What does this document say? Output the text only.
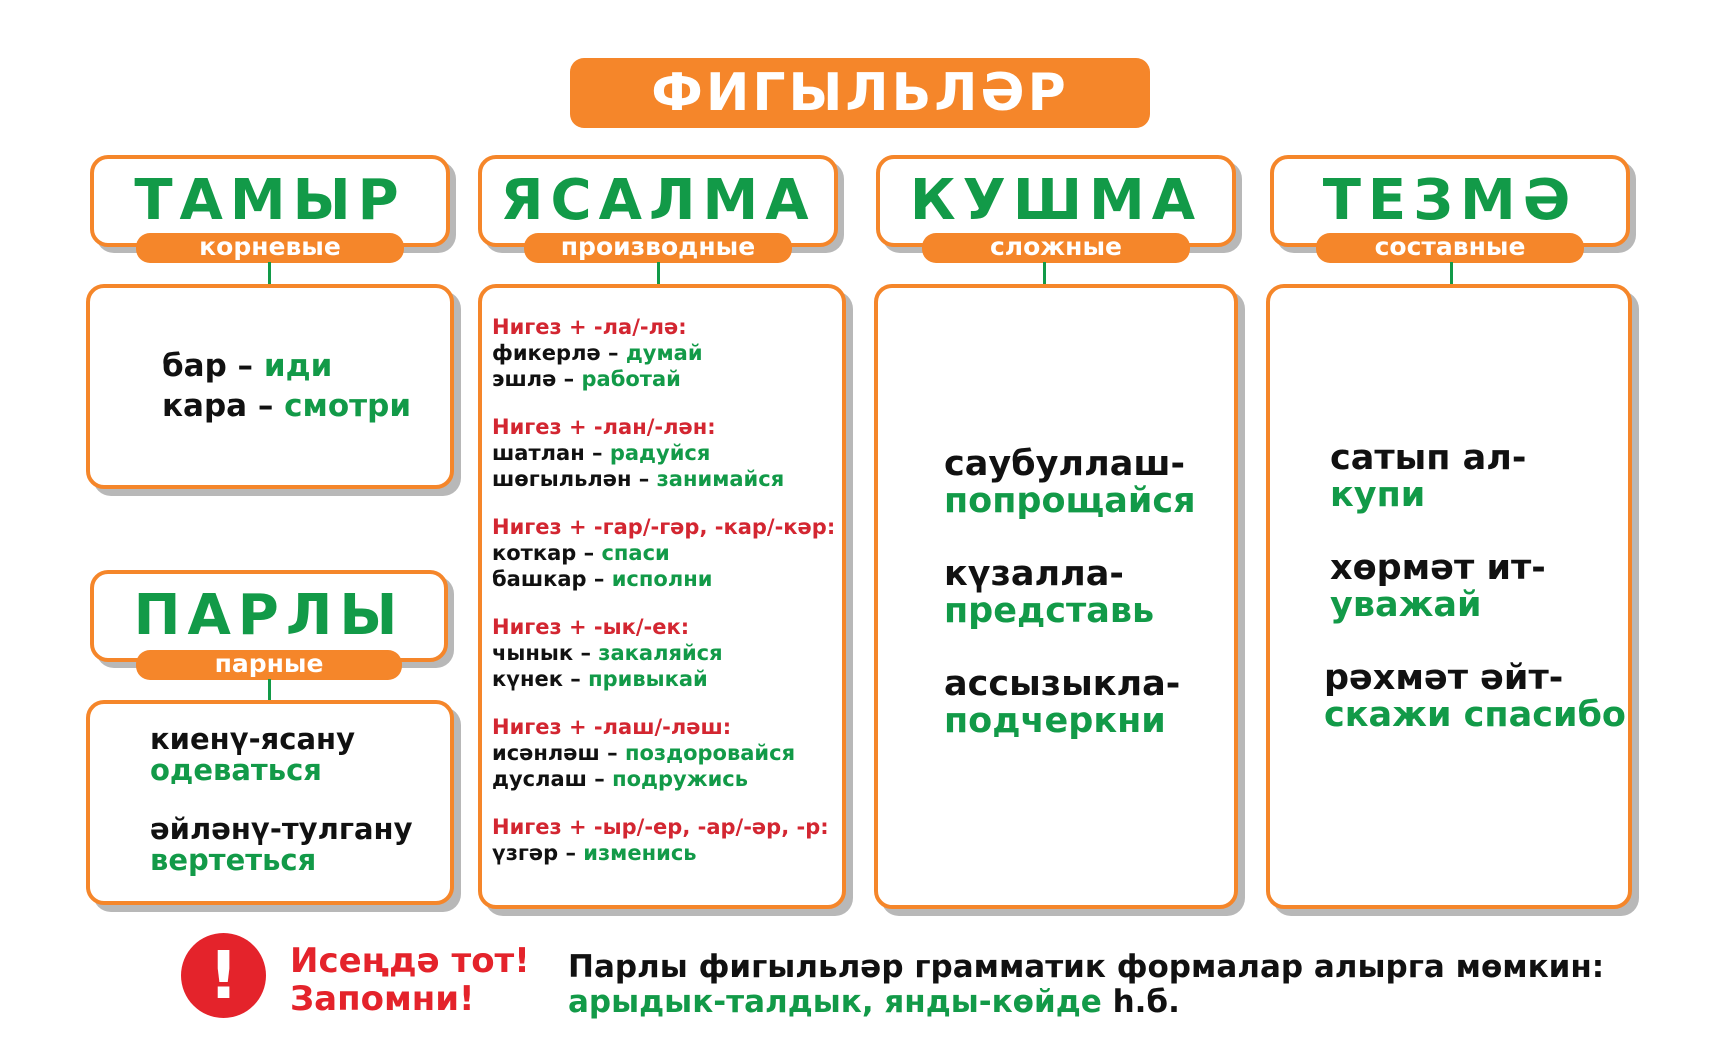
ФИГЫЛЬЛӘР
ТАМЫР
корневые
ЯСАЛМА
производные
КУШМА
сложные
ТЕЗМӘ
составные
бар – иди
кара – смотри
Нигез + -ла/-лә:
фикерлә – думай
эшлә – работай
Нигез + -лан/-лән:
шатлан – радуйся
шөгыльлән – занимайся
Нигез + -гар/-гәр, -кар/-кәр:
коткар – спаси
башкар – исполни
Нигез + -ык/-ек:
чынык – закаляйся
күнек – привыкай
Нигез + -лаш/-ләш:
исәнләш – поздоровайся
дуслаш – подружись
Нигез + -ыр/-ер, -ар/-әр, -р:
үзгәр – изменись
саубуллаш-
попрощайся
күзалла-
представь
ассызыкла-
подчеркни
сатып ал-
купи
хөрмәт ит-
уважай
рәхмәт әйт-
скажи спасибо
ПАРЛЫ
парные
киенү-ясану
одеваться
әйләнү-тулгану
вертеться
!	Исеңдә тот!
Запомни!
Парлы фигыльләр грамматик формалар алырга мөмкин:
арыдык-талдык, янды-көйде һ.б.
